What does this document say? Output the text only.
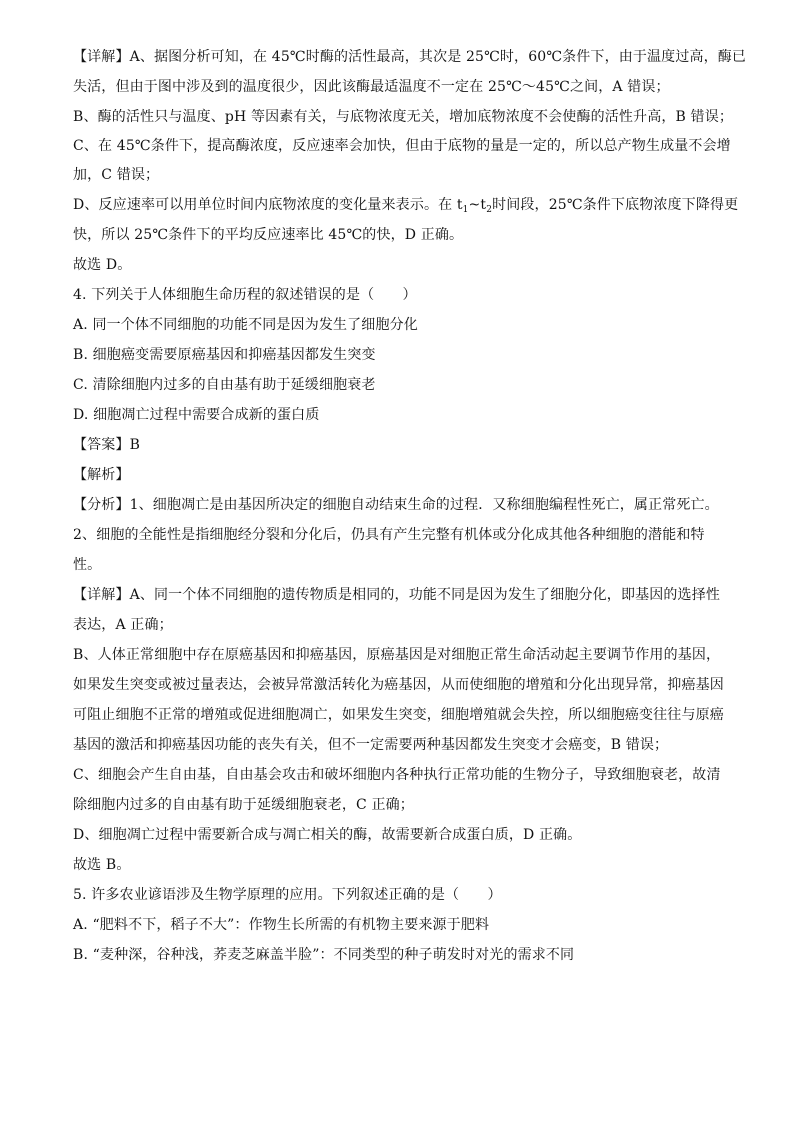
【详解】A、据图分析可知，在 45℃时酶的活性最高，其次是 25℃时，60℃条件下，由于温度过高，酶已

失活，但由于图中涉及到的温度很少，因此该酶最适温度不一定在 25℃～45℃之间，A 错误；

B、酶的活性只与温度、pH 等因素有关，与底物浓度无关，增加底物浓度不会使酶的活性升高，B 错误；

C、在 45℃条件下，提高酶浓度，反应速率会加快，但由于底物的量是一定的，所以总产物生成量不会增

加，C 错误；

D、反应速率可以用单位时间内底物浓度的变化量来表示。在 $t_1\sim t_2$时间段，25℃条件下底物浓度下降得更

快，所以 25℃条件下的平均反应速率比 45℃的快，D 正确。

故选 D。

4. 下列关于人体细胞生命历程的叙述错误的是（　　）

A. 同一个体不同细胞的功能不同是因为发生了细胞分化

B. 细胞癌变需要原癌基因和抑癌基因都发生突变

C. 清除细胞内过多的自由基有助于延缓细胞衰老

D. 细胞凋亡过程中需要合成新的蛋白质

【答案】B

【解析】

【分析】1、细胞凋亡是由基因所决定的细胞自动结束生命的过程．又称细胞编程性死亡，属正常死亡。

2、细胞的全能性是指细胞经分裂和分化后，仍具有产生完整有机体或分化成其他各种细胞的潜能和特

性。

【详解】A、同一个体不同细胞的遗传物质是相同的，功能不同是因为发生了细胞分化，即基因的选择性

表达，A 正确；

B、人体正常细胞中存在原癌基因和抑癌基因，原癌基因是对细胞正常生命活动起主要调节作用的基因，

如果发生突变或被过量表达，会被异常激活转化为癌基因，从而使细胞的增殖和分化出现异常，抑癌基因

可阻止细胞不正常的增殖或促进细胞凋亡，如果发生突变，细胞增殖就会失控，所以细胞癌变往往与原癌

基因的激活和抑癌基因功能的丧失有关，但不一定需要两种基因都发生突变才会癌变，B 错误；

C、细胞会产生自由基，自由基会攻击和破坏细胞内各种执行正常功能的生物分子，导致细胞衰老，故清

除细胞内过多的自由基有助于延缓细胞衰老，C 正确；

D、细胞凋亡过程中需要新合成与凋亡相关的酶，故需要新合成蛋白质，D 正确。

故选 B。

5. 许多农业谚语涉及生物学原理的应用。下列叙述正确的是（　　）

A. “肥料不下，稻子不大”：作物生长所需的有机物主要来源于肥料

B. “麦种深，谷种浅，荞麦芝麻盖半脸”：不同类型的种子萌发时对光的需求不同
